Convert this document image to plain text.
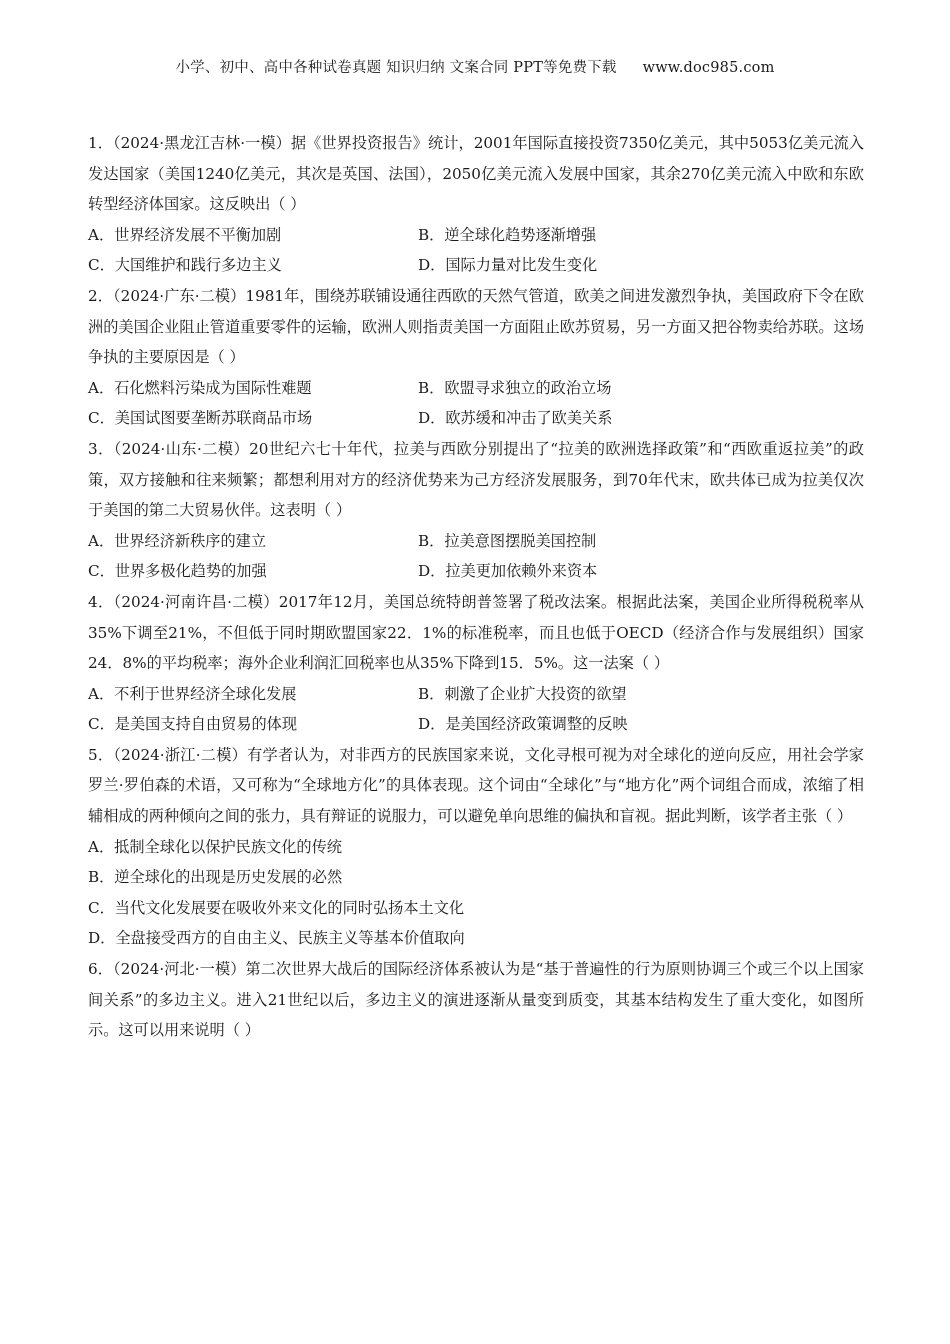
小学、初中、高中各种试卷真题 知识归纳 文案合同 PPT等免费下载 www.doc985.com

1．（2024·黑龙江吉林·一模）据《世界投资报告》统计，2001年国际直接投资7350亿美元，其中5053亿美元流入发达国家（美国1240亿美元，其次是英国、法国），2050亿美元流入发展中国家，其余270亿美元流入中欧和东欧转型经济体国家。这反映出（ ）

A．世界经济发展不平衡加剧	B．逆全球化趋势逐渐增强
C．大国维护和践行多边主义	D．国际力量对比发生变化

2．（2024·广东·二模）1981年，围绕苏联铺设通往西欧的天然气管道，欧美之间进发激烈争执，美国政府下令在欧洲的美国企业阻止管道重要零件的运输，欧洲人则指责美国一方面阻止欧苏贸易，另一方面又把谷物卖给苏联。这场争执的主要原因是（ ）

A．石化燃料污染成为国际性难题	B．欧盟寻求独立的政治立场
C．美国试图要垄断苏联商品市场	D．欧苏缓和冲击了欧美关系

3．（2024·山东·二模）20世纪六七十年代，拉美与西欧分别提出了“拉美的欧洲选择政策”和“西欧重返拉美”的政策，双方接触和往来频繁；都想利用对方的经济优势来为己方经济发展服务，到70年代末，欧共体已成为拉美仅次于美国的第二大贸易伙伴。这表明（ ）

A．世界经济新秩序的建立	B．拉美意图摆脱美国控制
C．世界多极化趋势的加强	D．拉美更加依赖外来资本

4．（2024·河南许昌·二模）2017年12月，美国总统特朗普签署了税改法案。根据此法案，美国企业所得税税率从35%下调至21%，不但低于同时期欧盟国家22．1%的标准税率，而且也低于OECD（经济合作与发展组织）国家24．8%的平均税率；海外企业利润汇回税率也从35%下降到15．5%。这一法案（ ）

A．不利于世界经济全球化发展	B．刺激了企业扩大投资的欲望
C．是美国支持自由贸易的体现	D．是美国经济政策调整的反映

5．（2024·浙江·二模）有学者认为，对非西方的民族国家来说，文化寻根可视为对全球化的逆向反应，用社会学家罗兰·罗伯森的术语，又可称为“全球地方化”的具体表现。这个词由“全球化”与“地方化”两个词组合而成，浓缩了相辅相成的两种倾向之间的张力，具有辩证的说服力，可以避免单向思维的偏执和盲视。据此判断，该学者主张（ ）

A．抵制全球化以保护民族文化的传统
B．逆全球化的出现是历史发展的必然
C．当代文化发展要在吸收外来文化的同时弘扬本土文化
D．全盘接受西方的自由主义、民族主义等基本价值取向

6．（2024·河北·一模）第二次世界大战后的国际经济体系被认为是“基于普遍性的行为原则协调三个或三个以上国家间关系”的多边主义。进入21世纪以后，多边主义的演进逐渐从量变到质变，其基本结构发生了重大变化，如图所示。这可以用来说明（ ）
